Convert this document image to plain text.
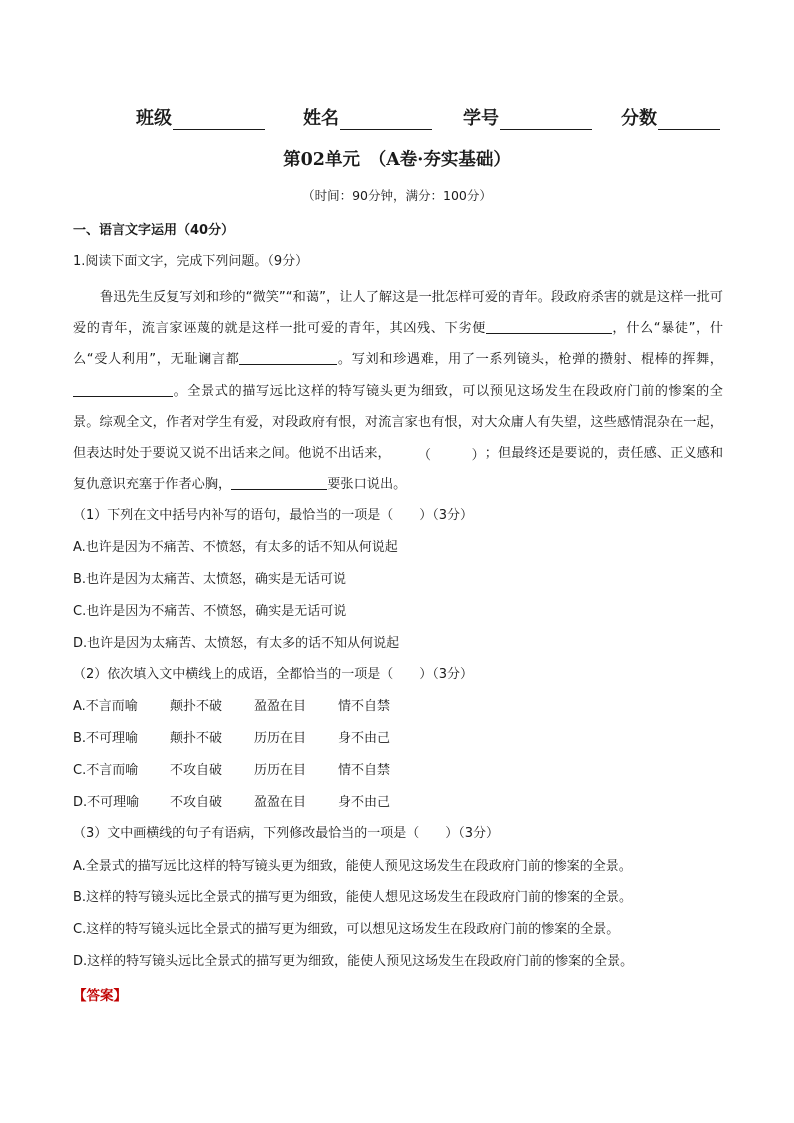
班级	姓名	学号	分数
第02单元　（A卷·夯实基础）
（时间：90分钟，满分：100分）
一、语言文字运用（40分）
1.阅读下面文字，完成下列问题。（9分）

鲁迅先生反复写刘和珍的“微笑”“和蔼”，让人了解这是一批怎样可爱的青年。段政府杀害的就是这样一批可爱的青年，流言家诬蔑的就是这样一批可爱的青年，其凶残、下劣便	，什么“暴徒”，什么“受人利用”，无耻谰言都	。写刘和珍遇难，用了一系列镜头，枪弹的攒射、棍棒的挥舞，。全景式的描写远比这样的特写镜头更为细致，可以预见这场发生在段政府门前的惨案的全景。综观全文，作者对学生有爱，对段政府有恨，对流言家也有恨，对大众庸人有失望，这些感情混杂在一起，但表达时处于要说又说不出话来之间。他说不出话来，	（	） ；但最终还是要说的，责任感、正义感和复仇意识充塞于作者心胸，	要张口说出。

（1）下列在文中括号内补写的语句，最恰当的一项是（　　）（3分）
A.也许是因为不痛苦、不愤怒，有太多的话不知从何说起
B.也许是因为太痛苦、太愤怒，确实是无话可说
C.也许是因为不痛苦、不愤怒，确实是无话可说
D.也许是因为太痛苦、太愤怒，有太多的话不知从何说起
（2）依次填入文中横线上的成语，全都恰当的一项是（　　）（3分）
A.不言而喻 颠扑不破 盈盈在目 情不自禁
B.不可理喻 颠扑不破 历历在目 身不由己
C.不言而喻 不攻自破 历历在目 情不自禁
D.不可理喻 不攻自破 盈盈在目 身不由己
（3）文中画横线的句子有语病，下列修改最恰当的一项是（　　）（3分）
A.全景式的描写远比这样的特写镜头更为细致，能使人预见这场发生在段政府门前的惨案的全景。
B.这样的特写镜头远比全景式的描写更为细致，能使人想见这场发生在段政府门前的惨案的全景。
C.这样的特写镜头远比全景式的描写更为细致，可以想见这场发生在段政府门前的惨案的全景。
D.这样的特写镜头远比全景式的描写更为细致，能使人预见这场发生在段政府门前的惨案的全景。
【答案】
